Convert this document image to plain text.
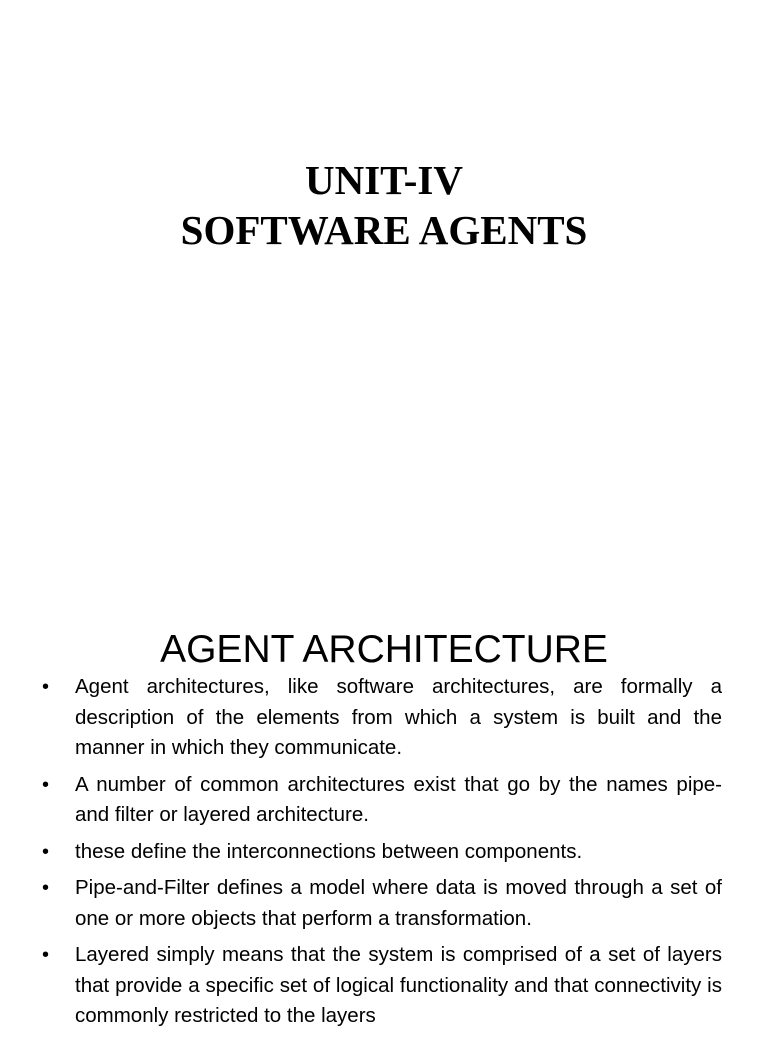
UNIT-IV
SOFTWARE AGENTS
AGENT ARCHITECTURE
• Agent architectures, like software architectures, are formally a description of the elements from which a system is built and the manner in which they communicate.
• A number of common architectures exist that go by the names pipe-and filter or layered architecture.
• these define the interconnections between components.
• Pipe-and-Filter defines a model where data is moved through a set of one or more objects that perform a transformation.
• Layered simply means that the system is comprised of a set of layers that provide a specific set of logical functionality and that connectivity is commonly restricted to the layers
